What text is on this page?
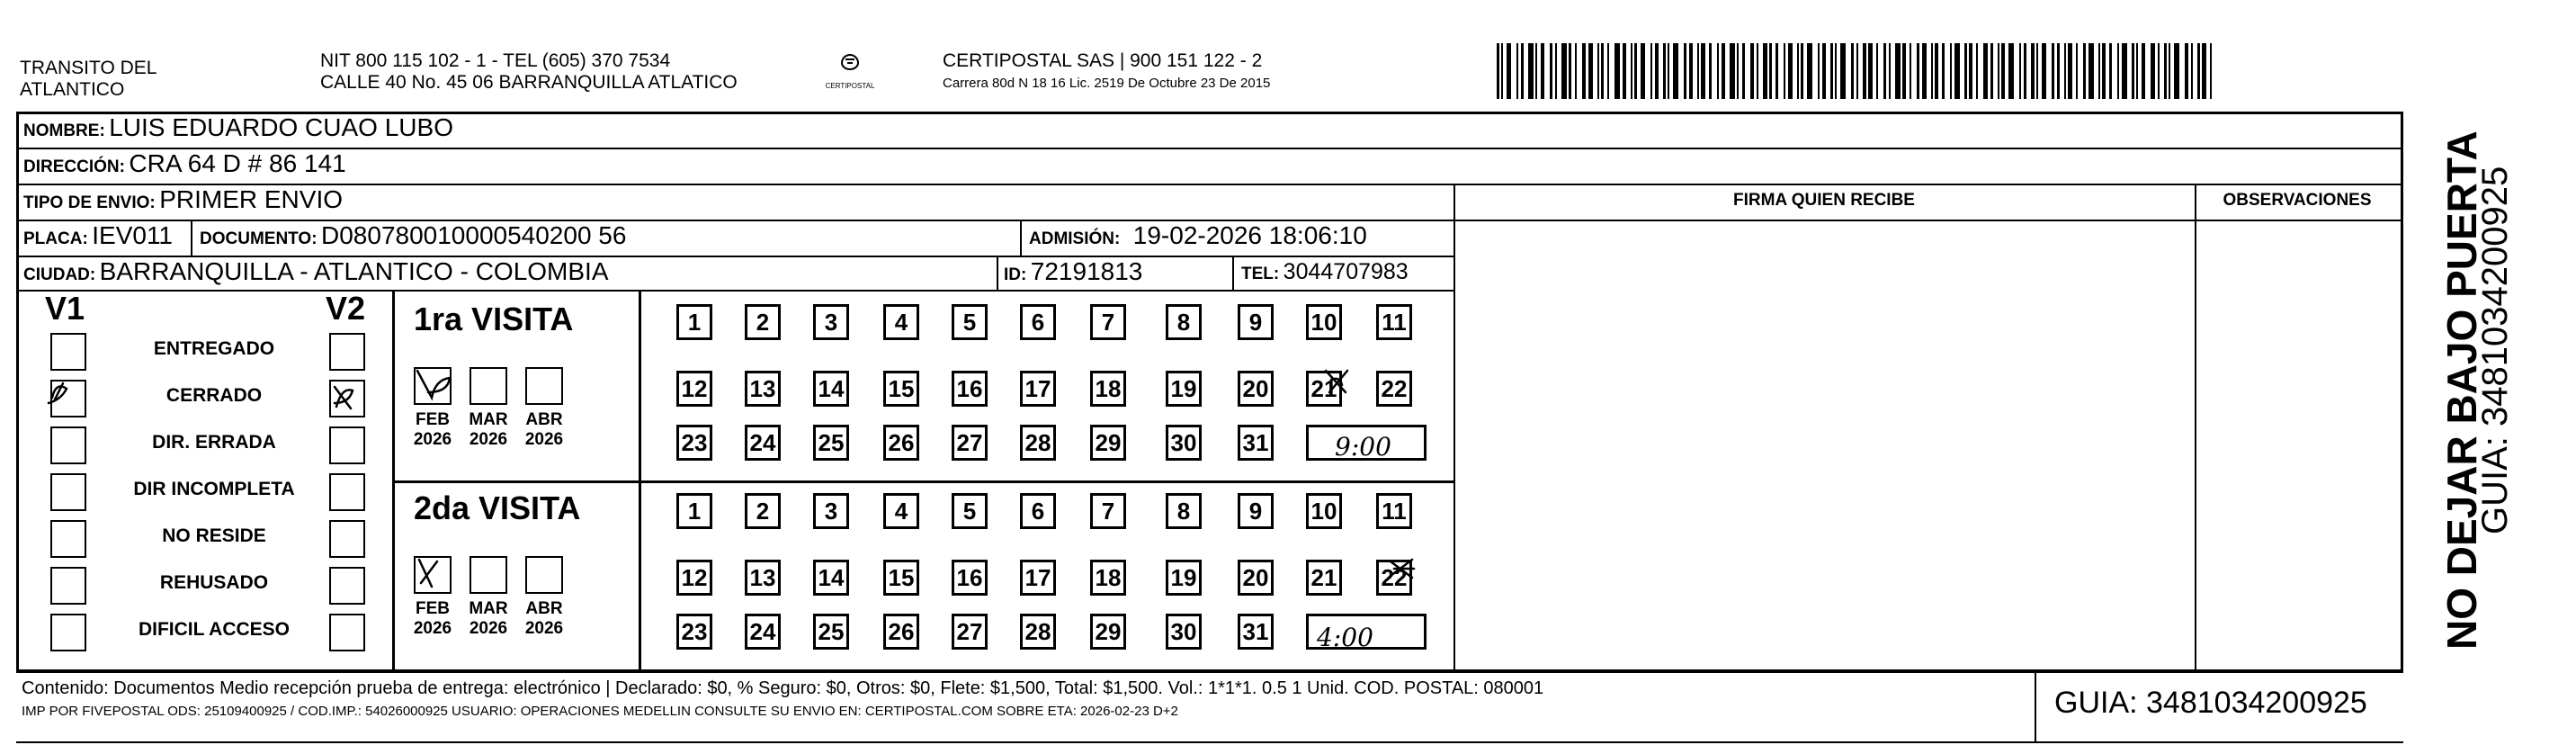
TRANSITO DEL
ATLANTICO
NIT 800 115 102 - 1 - TEL (605) 370 7534
CALLE 40 No. 45 06 BARRANQUILLA ATLATICO	CERTIPOSTAL
CERTIPOSTAL SAS | 900 151 122 - 2
Carrera 80d N 18 16 Lic. 2519 De Octubre 23 De 2015
NOMBRE: LUIS EDUARDO CUAO LUBO
DIRECCIÓN: CRA 64 D # 86 141
TIPO DE ENVIO: PRIMER ENVIO	FIRMA QUIEN RECIBE	OBSERVACIONES
PLACA: IEV011 DOCUMENTO: D080780010000540200 56	ADMISIÓN: 19-02-2026 18:06:10
CIUDAD: BARRANQUILLA - ATLANTICO - COLOMBIA	ID: 72191813	TEL: 3044707983
V1	V2
ENTREGADO
CERRADO
DIR. ERRADA
DIR INCOMPLETA
NO RESIDE
REHUSADO
DIFICIL ACCESO
1ra VISITA
2da VISITA
FEB
2026
MAR
2026
ABR
2026
FEB
2026
MAR
2026
ABR
2026
1	2	3	4	5	6	7	8	9	10 11
12 13 14 15 16 17 18 19 20 21 22
23 24 25 26 27 28 29 30 31
1	2	3	4	5	6	7	8	9	10 11
12 13 14 15 16 17 18 19 20 21 22
23 24 25 26 27 28 29 30 31
9:00
4:00
Contenido: Documentos Medio recepción prueba de entrega: electrónico | Declarado: $0, % Seguro: $0, Otros: $0, Flete: $1,500, Total: $1,500. Vol.: 1*1*1. 0.5 1 Unid. COD. POSTAL: 080001
IMP POR FIVEPOSTAL ODS: 25109400925 / COD.IMP.: 54026000925 USUARIO: OPERACIONES MEDELLIN CONSULTE SU ENVIO EN: CERTIPOSTAL.COM SOBRE ETA: 2026-02-23 D+2	GUIA: 3481034200925
NO DEJAR BAJO PUERTA
GUIA: 3481034200925
